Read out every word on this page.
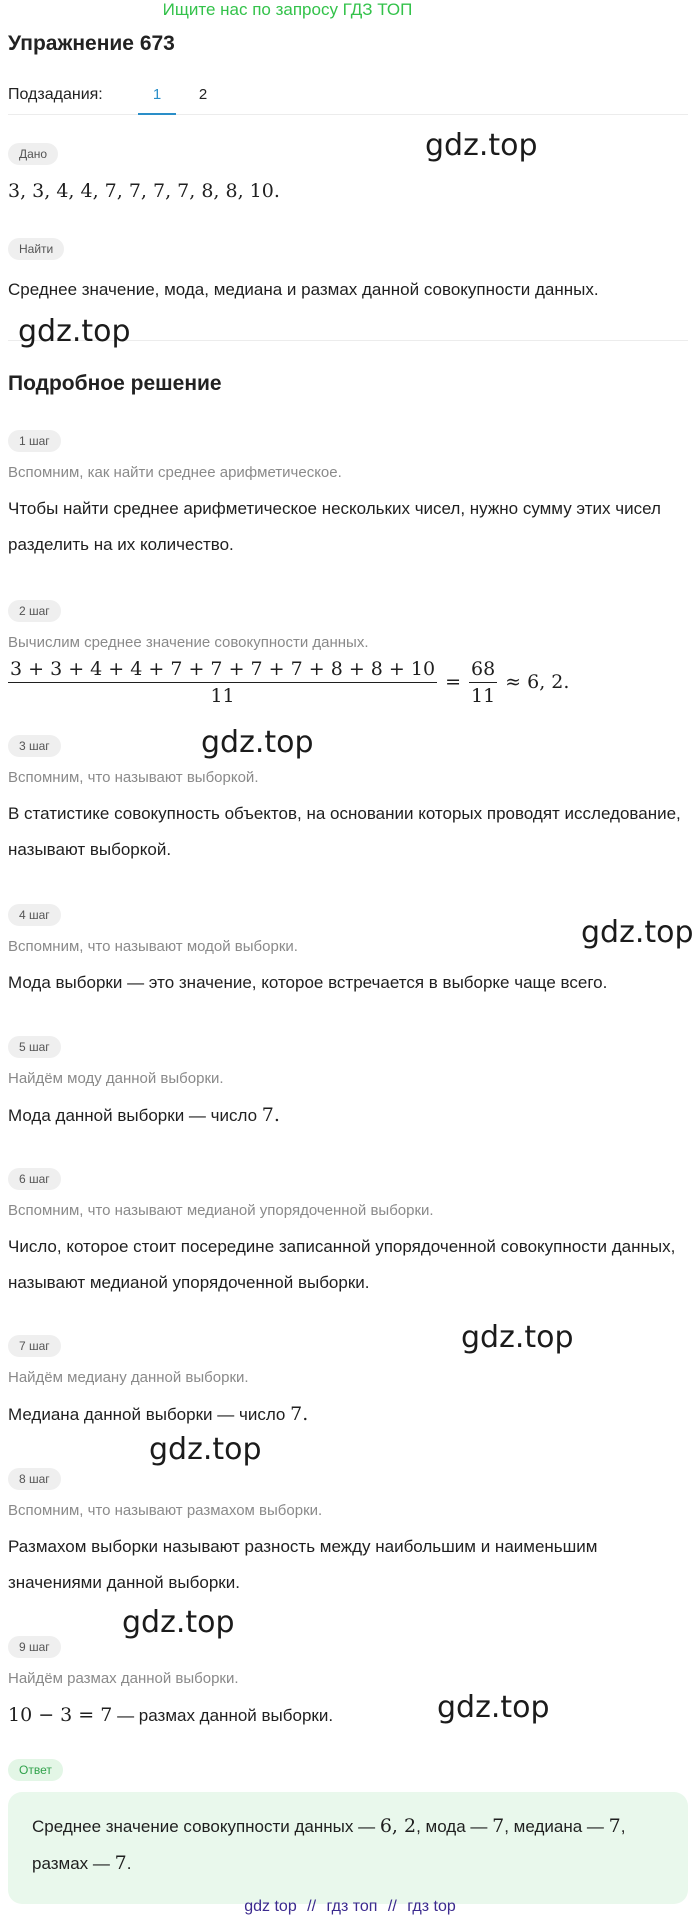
Ищите нас по запросу ГДЗ ТОП
Упражнение 673
Подзадания:	1	2
Дано
3, 3, 4, 4, 7, 7, 7, 7, 8, 8, 10.
Найти
Среднее значение, мода, медиана и размах данной совокупности данных.
Подробное решение
1 шаг
Вспомним, как найти среднее арифметическое.
Чтобы найти среднее арифметическое нескольких чисел, нужно сумму этих чисел разделить на их количество.
2 шаг
Вычислим среднее значение совокупности данных.
$\frac{3 + 3 + 4 + 4 + 7 + 7 + 7 + 7 + 8 + 8 + 10}{11} = \frac{68}{11} \approx 6$, 2.
3 шаг
Вспомним, что называют выборкой.
В статистике совокупность объектов, на основании которых проводят исследование, называют выборкой.
4 шаг
Вспомним, что называют модой выборки.
Мода выборки — это значение, которое встречается в выборке чаще всего.
5 шаг
Найдём моду данной выборки.
Мода данной выборки — число 7.
6 шаг
Вспомним, что называют медианой упорядоченной выборки.
Число, которое стоит посередине записанной упорядоченной совокупности данных, называют медианой упорядоченной выборки.
7 шаг
Найдём медиану данной выборки.
Медиана данной выборки — число 7.
8 шаг
Вспомним, что называют размахом выборки.
Размахом выборки называют разность между наибольшим и наименьшим значениями данной выборки.
9 шаг
Найдём размах данной выборки.
10 − 3 = 7 — размах данной выборки.
Ответ
Среднее значение совокупности данных — 6, 2, мода — 7, медиана — 7, размах — 7.
gdz.top
gdz.top
gdz.top
gdz.top
gdz.top
gdz.top
gdz.top
gdz.top
gdz top // гдз топ // гдз top
